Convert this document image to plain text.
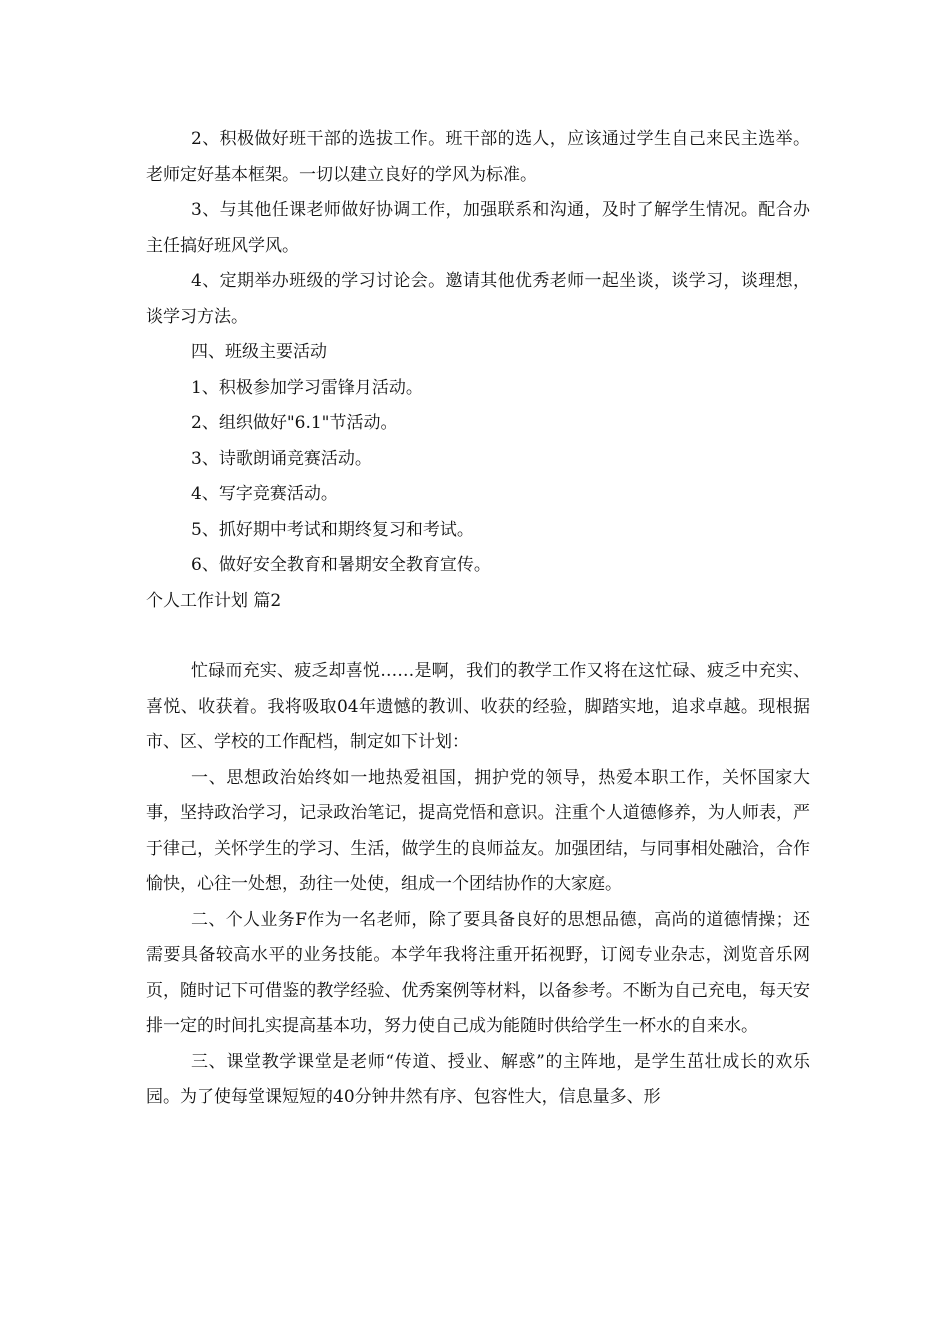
2、积极做好班干部的选拔工作。班干部的选人，应该通过学生自己来民主选举。老师定好基本框架。一切以建立良好的学风为标准。

3、与其他任课老师做好协调工作，加强联系和沟通，及时了解学生情况。配合办主任搞好班风学风。

4、定期举办班级的学习讨论会。邀请其他优秀老师一起坐谈，谈学习，谈理想，谈学习方法。

四、班级主要活动

1、积极参加学习雷锋月活动。

2、组织做好"6.1"节活动。

3、诗歌朗诵竞赛活动。

4、写字竞赛活动。

5、抓好期中考试和期终复习和考试。

6、做好安全教育和暑期安全教育宣传。

个人工作计划 篇2

忙碌而充实、疲乏却喜悦……是啊，我们的教学工作又将在这忙碌、疲乏中充实、喜悦、收获着。我将吸取04年遗憾的教训、收获的经验，脚踏实地，追求卓越。现根据市、区、学校的工作配档，制定如下计划：

一、思想政治始终如一地热爱祖国，拥护党的领导，热爱本职工作，关怀国家大事，坚持政治学习，记录政治笔记，提高党悟和意识。注重个人道德修养，为人师表，严于律己，关怀学生的学习、生活，做学生的良师益友。加强团结，与同事相处融洽，合作愉快，心往一处想，劲往一处使，组成一个团结协作的大家庭。

二、个人业务F作为一名老师，除了要具备良好的思想品德，高尚的道德情操；还需要具备较高水平的业务技能。本学年我将注重开拓视野，订阅专业杂志，浏览音乐网页，随时记下可借鉴的教学经验、优秀案例等材料，以备参考。不断为自己充电，每天安排一定的时间扎实提高基本功，努力使自己成为能随时供给学生一杯水的自来水。

三、课堂教学课堂是老师“传道、授业、解惑”的主阵地，是学生茁壮成长的欢乐园。为了使每堂课短短的40分钟井然有序、包容性大，信息量多、形
